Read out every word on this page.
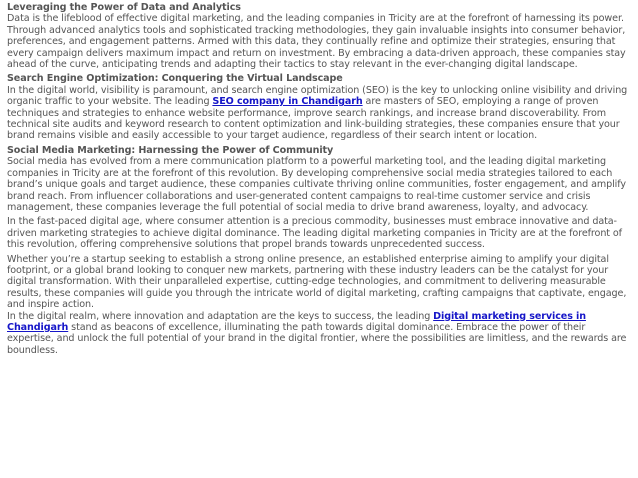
Leveraging the Power of Data and Analytics
Data is the lifeblood of effective digital marketing, and the leading companies in Tricity are at the forefront of harnessing its power. Through advanced analytics tools and sophisticated tracking methodologies, they gain invaluable insights into consumer behavior, preferences, and engagement patterns. Armed with this data, they continually refine and optimize their strategies, ensuring that every campaign delivers maximum impact and return on investment. By embracing a data-driven approach, these companies stay ahead of the curve, anticipating trends and adapting their tactics to stay relevant in the ever-changing digital landscape.
Search Engine Optimization: Conquering the Virtual Landscape
In the digital world, visibility is paramount, and search engine optimization (SEO) is the key to unlocking online visibility and driving organic traffic to your website. The leading SEO company in Chandigarh are masters of SEO, employing a range of proven techniques and strategies to enhance website performance, improve search rankings, and increase brand discoverability. From technical site audits and keyword research to content optimization and link-building strategies, these companies ensure that your brand remains visible and easily accessible to your target audience, regardless of their search intent or location.
Social Media Marketing: Harnessing the Power of Community
Social media has evolved from a mere communication platform to a powerful marketing tool, and the leading digital marketing companies in Tricity are at the forefront of this revolution. By developing comprehensive social media strategies tailored to each brand’s unique goals and target audience, these companies cultivate thriving online communities, foster engagement, and amplify brand reach. From influencer collaborations and user-generated content campaigns to real-time customer service and crisis management, these companies leverage the full potential of social media to drive brand awareness, loyalty, and advocacy.
In the fast-paced digital age, where consumer attention is a precious commodity, businesses must embrace innovative and data-driven marketing strategies to achieve digital dominance. The leading digital marketing companies in Tricity are at the forefront of this revolution, offering comprehensive solutions that propel brands towards unprecedented success.
Whether you’re a startup seeking to establish a strong online presence, an established enterprise aiming to amplify your digital footprint, or a global brand looking to conquer new markets, partnering with these industry leaders can be the catalyst for your digital transformation. With their unparalleled expertise, cutting-edge technologies, and commitment to delivering measurable results, these companies will guide you through the intricate world of digital marketing, crafting campaigns that captivate, engage, and inspire action.
In the digital realm, where innovation and adaptation are the keys to success, the leading Digital marketing services in Chandigarh stand as beacons of excellence, illuminating the path towards digital dominance. Embrace the power of their expertise, and unlock the full potential of your brand in the digital frontier, where the possibilities are limitless, and the rewards are boundless.
